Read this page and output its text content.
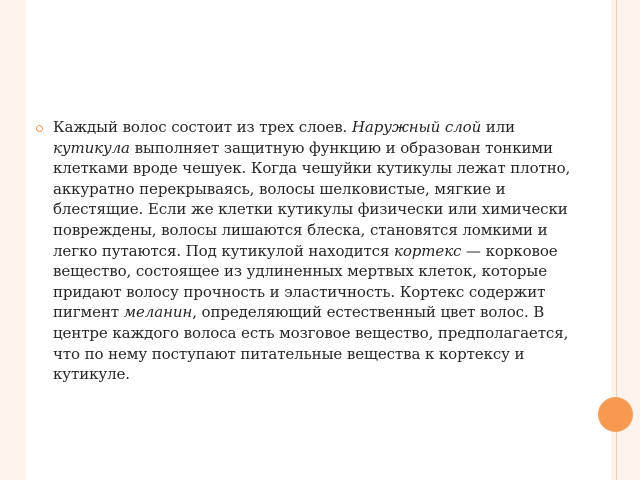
Каждый волос состоит из трех слоев. Наружный слой или кутикула выполняет защитную функцию и образован тонкими клетками вроде чешуек. Когда чешуйки кутикулы лежат плотно, аккуратно перекрываясь, волосы шелковистые, мягкие и блестящие. Если же клетки кутикулы физически или химически повреждены, волосы лишаются блеска, становятся ломкими и легко путаются. Под кутикулой находится кортекс — корковое вещество, состоящее из удлиненных мертвых клеток, которые придают волосу прочность и эластичность. Кортекс содержит пигмент меланин, определяющий естественный цвет волос. В центре каждого волоса есть мозговое вещество, предполагается, что по нему поступают питательные вещества к кортексу и кутикуле.
